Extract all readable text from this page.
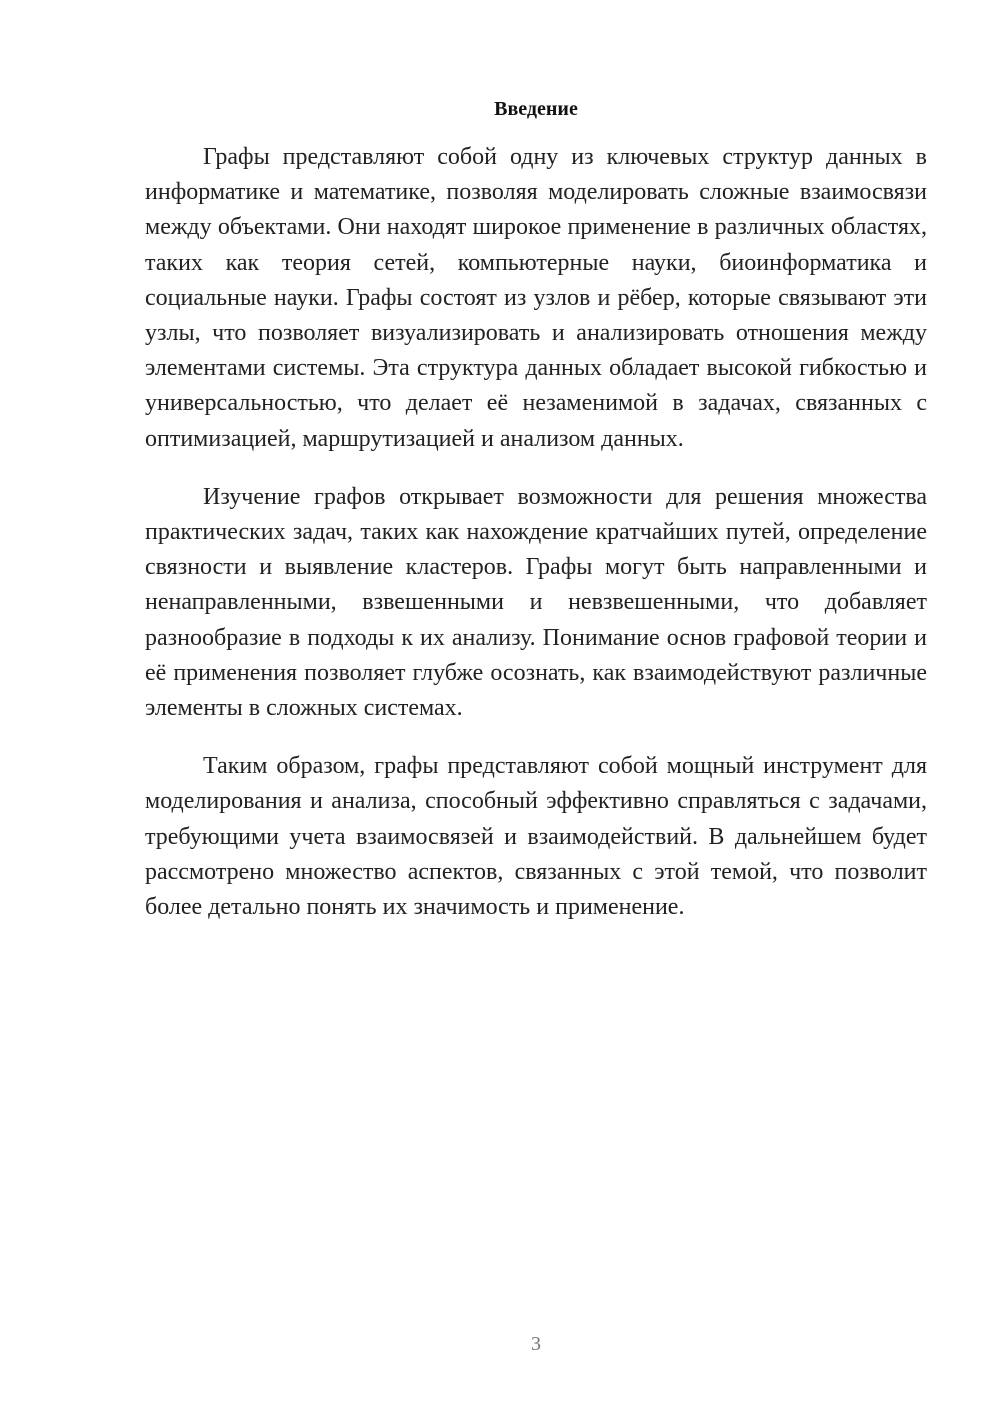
Введение

Графы представляют собой одну из ключевых структур данных в информатике и математике, позволяя моделировать сложные взаимосвязи между объектами. Они находят широкое применение в различных областях, таких как теория сетей, компьютерные науки, биоинформатика и социальные науки. Графы состоят из узлов и рёбер, которые связывают эти узлы, что позволяет визуализировать и анализировать отношения между элементами системы. Эта структура данных обладает высокой гибкостью и универсальностью, что делает её незаменимой в задачах, связанных с оптимизацией, маршрутизацией и анализом данных.

Изучение графов открывает возможности для решения множества практических задач, таких как нахождение кратчайших путей, определение связности и выявление кластеров. Графы могут быть направленными и ненаправленными, взвешенными и невзвешенными, что добавляет разнообразие в подходы к их анализу. Понимание основ графовой теории и её применения позволяет глубже осознать, как взаимодействуют различные элементы в сложных системах.

Таким образом, графы представляют собой мощный инструмент для моделирования и анализа, способный эффективно справляться с задачами, требующими учета взаимосвязей и взаимодействий. В дальнейшем будет рассмотрено множество аспектов, связанных с этой темой, что позволит более детально понять их значимость и применение.

3
